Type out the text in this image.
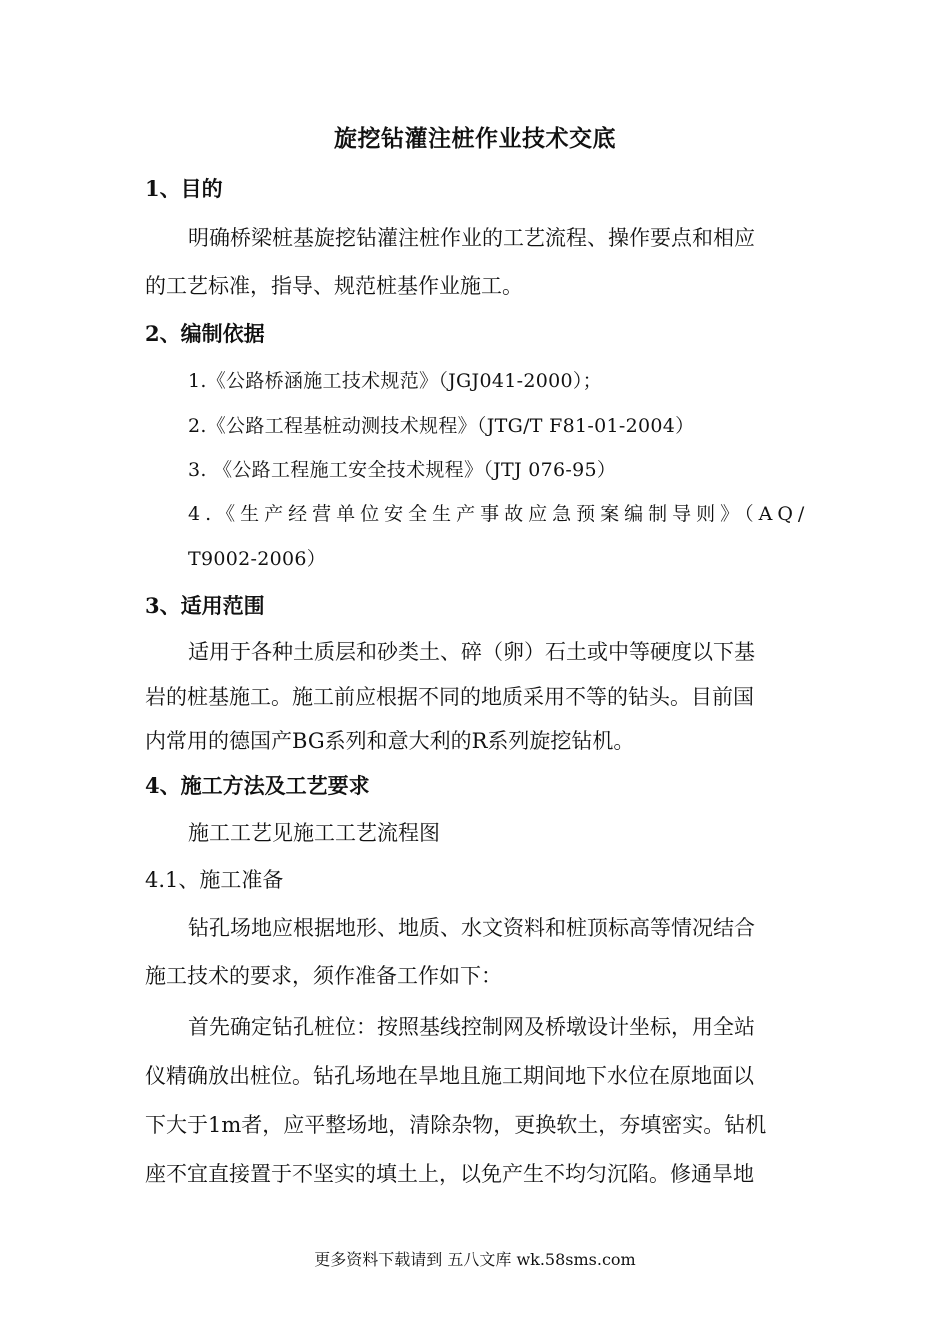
旋挖钻灌注桩作业技术交底
1、目的
明确桥梁桩基旋挖钻灌注桩作业的工艺流程、操作要点和相应
的工艺标准，指导、规范桩基作业施工。
2、编制依据
1.《公路桥涵施工技术规范》（JGJ041-2000）；
2.《公路工程基桩动测技术规程》（JTG/T F81-01-2004）
3. 《公路工程施工安全技术规程》（JTJ 076-95）
4.《生产经营单位安全生产事故应急预案编制导则》（AQ/
T9002-2006）
3、适用范围
适用于各种土质层和砂类土、碎（卵）石土或中等硬度以下基
岩的桩基施工。施工前应根据不同的地质采用不等的钻头。目前国
内常用的德国产BG系列和意大利的R系列旋挖钻机。
4、施工方法及工艺要求
施工工艺见施工工艺流程图
4.1、施工准备
钻孔场地应根据地形、地质、水文资料和桩顶标高等情况结合
施工技术的要求，须作准备工作如下：
首先确定钻孔桩位：按照基线控制网及桥墩设计坐标，用全站
仪精确放出桩位。钻孔场地在旱地且施工期间地下水位在原地面以
下大于1m者，应平整场地，清除杂物，更换软土，夯填密实。钻机
座不宜直接置于不坚实的填土上，以免产生不均匀沉陷。修通旱地
更多资料下载请到 五八文库 wk.58sms.com
